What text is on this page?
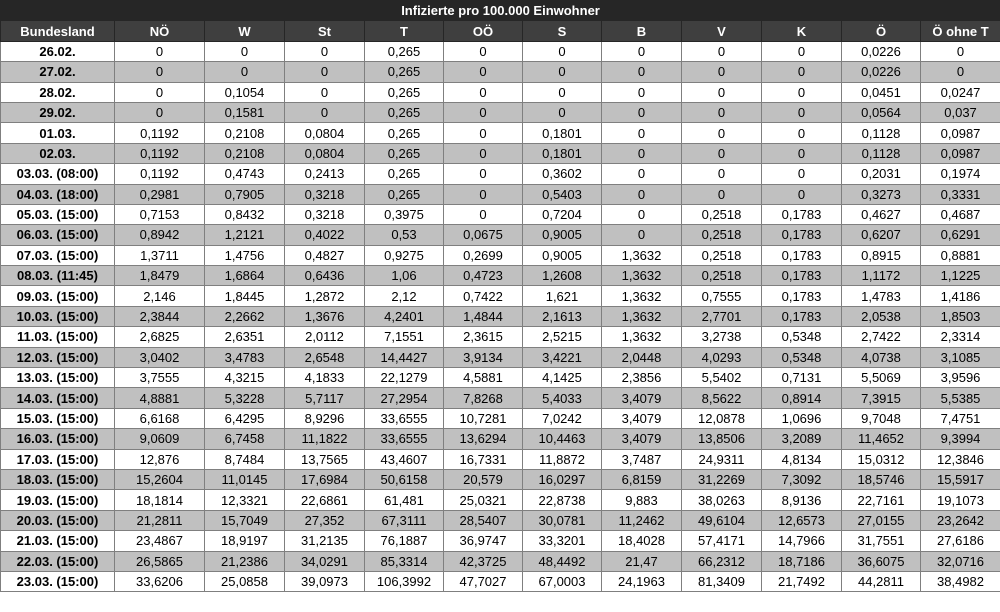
Infizierte pro 100.000 Einwohner											
Bundesland	NÖ	W	St	T	OÖ	S	B	V	K	Ö	Ö ohne T
26.02.	0	0	0	0,265	0	0	0	0	0	0,0226	0
27.02.	0	0	0	0,265	0	0	0	0	0	0,0226	0
28.02.	0	0,1054	0	0,265	0	0	0	0	0	0,0451	0,0247
29.02.	0	0,1581	0	0,265	0	0	0	0	0	0,0564	0,037
01.03.	0,1192	0,2108	0,0804	0,265	0	0,1801	0	0	0	0,1128	0,0987
02.03.	0,1192	0,2108	0,0804	0,265	0	0,1801	0	0	0	0,1128	0,0987
03.03. (08:00)	0,1192	0,4743	0,2413	0,265	0	0,3602	0	0	0	0,2031	0,1974
04.03. (18:00)	0,2981	0,7905	0,3218	0,265	0	0,5403	0	0	0	0,3273	0,3331
05.03. (15:00)	0,7153	0,8432	0,3218	0,3975	0	0,7204	0	0,2518	0,1783	0,4627	0,4687
06.03. (15:00)	0,8942	1,2121	0,4022	0,53	0,0675	0,9005	0	0,2518	0,1783	0,6207	0,6291
07.03. (15:00)	1,3711	1,4756	0,4827	0,9275	0,2699	0,9005	1,3632	0,2518	0,1783	0,8915	0,8881
08.03. (11:45)	1,8479	1,6864	0,6436	1,06	0,4723	1,2608	1,3632	0,2518	0,1783	1,1172	1,1225
09.03. (15:00)	2,146	1,8445	1,2872	2,12	0,7422	1,621	1,3632	0,7555	0,1783	1,4783	1,4186
10.03. (15:00)	2,3844	2,2662	1,3676	4,2401	1,4844	2,1613	1,3632	2,7701	0,1783	2,0538	1,8503
11.03. (15:00)	2,6825	2,6351	2,0112	7,1551	2,3615	2,5215	1,3632	3,2738	0,5348	2,7422	2,3314
12.03. (15:00)	3,0402	3,4783	2,6548	14,4427	3,9134	3,4221	2,0448	4,0293	0,5348	4,0738	3,1085
13.03. (15:00)	3,7555	4,3215	4,1833	22,1279	4,5881	4,1425	2,3856	5,5402	0,7131	5,5069	3,9596
14.03. (15:00)	4,8881	5,3228	5,7117	27,2954	7,8268	5,4033	3,4079	8,5622	0,8914	7,3915	5,5385
15.03. (15:00)	6,6168	6,4295	8,9296	33,6555	10,7281	7,0242	3,4079	12,0878	1,0696	9,7048	7,4751
16.03. (15:00)	9,0609	6,7458	11,1822	33,6555	13,6294	10,4463	3,4079	13,8506	3,2089	11,4652	9,3994
17.03. (15:00)	12,876	8,7484	13,7565	43,4607	16,7331	11,8872	3,7487	24,9311	4,8134	15,0312	12,3846
18.03. (15:00)	15,2604	11,0145	17,6984	50,6158	20,579	16,0297	6,8159	31,2269	7,3092	18,5746	15,5917
19.03. (15:00)	18,1814	12,3321	22,6861	61,481	25,0321	22,8738	9,883	38,0263	8,9136	22,7161	19,1073
20.03. (15:00)	21,2811	15,7049	27,352	67,3111	28,5407	30,0781	11,2462	49,6104	12,6573	27,0155	23,2642
21.03. (15:00)	23,4867	18,9197	31,2135	76,1887	36,9747	33,3201	18,4028	57,4171	14,7966	31,7551	27,6186
22.03. (15:00)	26,5865	21,2386	34,0291	85,3314	42,3725	48,4492	21,47	66,2312	18,7186	36,6075	32,0716
23.03. (15:00)	33,6206	25,0858	39,0973	106,3992	47,7027	67,0003	24,1963	81,3409	21,7492	44,2811	38,4982
